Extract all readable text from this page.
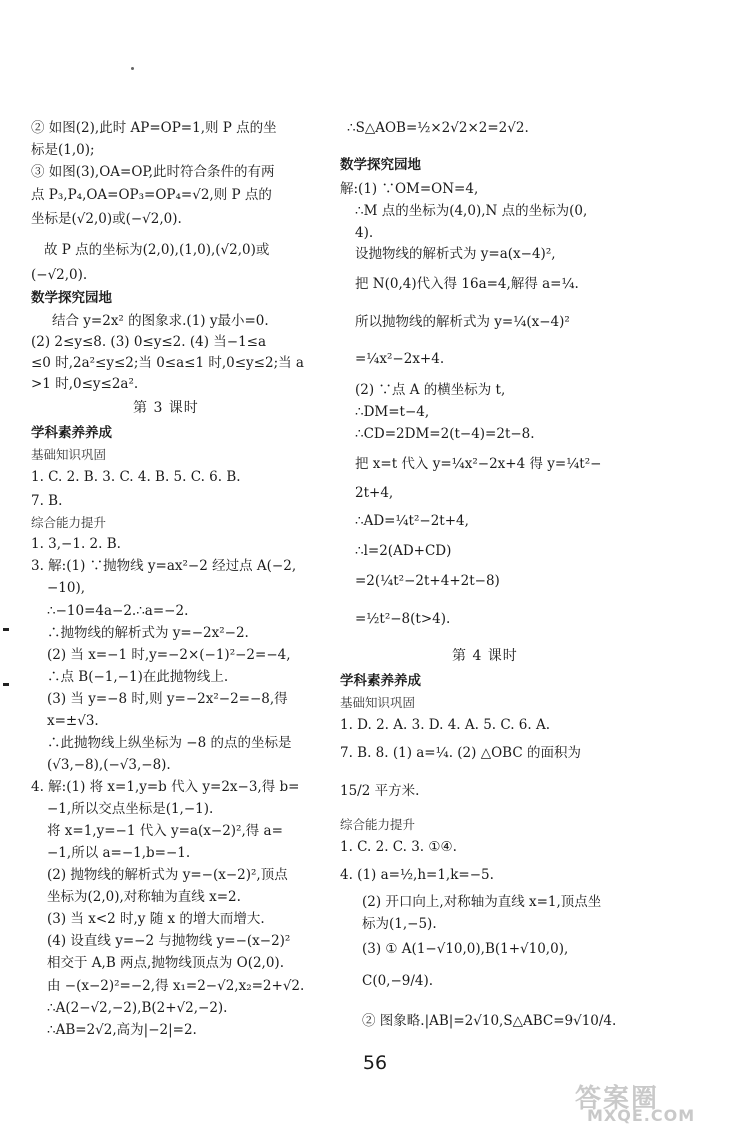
② 如图(2),此时 AP=OP=1,则 P 点的坐
标是(1,0);
③ 如图(3),OA=OP,此时符合条件的有两
点 P₃,P₄,OA=OP₃=OP₄=√2,则 P 点的
坐标是(√2,0)或(−√2,0).
故 P 点的坐标为(2,0),(1,0),(√2,0)或
(−√2,0).
数学探究园地
结合 y=2x² 的图象求.(1) y最小=0.
(2) 2≤y≤8. (3) 0≤y≤2. (4) 当−1≤a
≤0 时,2a²≤y≤2;当 0≤a≤1 时,0≤y≤2;当 a
>1 时,0≤y≤2a².
第 3 课时
学科素养养成
基础知识巩固
1. C. 2. B. 3. C. 4. B. 5. C. 6. B.
7. B.
综合能力提升
1. 3,−1. 2. B.
3. 解:(1) ∵抛物线 y=ax²−2 经过点 A(−2,
−10),
∴−10=4a−2.∴a=−2.
∴抛物线的解析式为 y=−2x²−2.
(2) 当 x=−1 时,y=−2×(−1)²−2=−4,
∴点 B(−1,−1)在此抛物线上.
(3) 当 y=−8 时,则 y=−2x²−2=−8,得
x=±√3.
∴此抛物线上纵坐标为 −8 的点的坐标是
(√3,−8),(−√3,−8).
4. 解:(1) 将 x=1,y=b 代入 y=2x−3,得 b=
−1,所以交点坐标是(1,−1).
将 x=1,y=−1 代入 y=a(x−2)²,得 a=
−1,所以 a=−1,b=−1.
(2) 抛物线的解析式为 y=−(x−2)²,顶点
坐标为(2,0),对称轴为直线 x=2.
(3) 当 x<2 时,y 随 x 的增大而增大.
(4) 设直线 y=−2 与抛物线 y=−(x−2)²
相交于 A,B 两点,抛物线顶点为 O(2,0).
由 −(x−2)²=−2,得 x₁=2−√2,x₂=2+√2.
∴A(2−√2,−2),B(2+√2,−2).
∴AB=2√2,高为|−2|=2.
∴S△AOB=½×2√2×2=2√2.
数学探究园地
解:(1) ∵OM=ON=4,
∴M 点的坐标为(4,0),N 点的坐标为(0,
4).
设抛物线的解析式为 y=a(x−4)²,
把 N(0,4)代入得 16a=4,解得 a=¼.
所以抛物线的解析式为 y=¼(x−4)²
=¼x²−2x+4.
(2) ∵点 A 的横坐标为 t,
∴DM=t−4,
∴CD=2DM=2(t−4)=2t−8.
把 x=t 代入 y=¼x²−2x+4 得 y=¼t²−
2t+4,
∴AD=¼t²−2t+4,
∴l=2(AD+CD)
=2(¼t²−2t+4+2t−8)
=½t²−8(t>4).
第 4 课时
学科素养养成
基础知识巩固
1. D. 2. A. 3. D. 4. A. 5. C. 6. A.
7. B. 8. (1) a=¼. (2) △OBC 的面积为
15/2 平方米.
综合能力提升
1. C. 2. C. 3. ①④.
4. (1) a=½,h=1,k=−5.
(2) 开口向上,对称轴为直线 x=1,顶点坐
标为(1,−5).
(3) ① A(1−√10,0),B(1+√10,0),
C(0,−9/4).
② 图象略.|AB|=2√10,S△ABC=9√10/4.
56
答案圈
MXQE.COM
